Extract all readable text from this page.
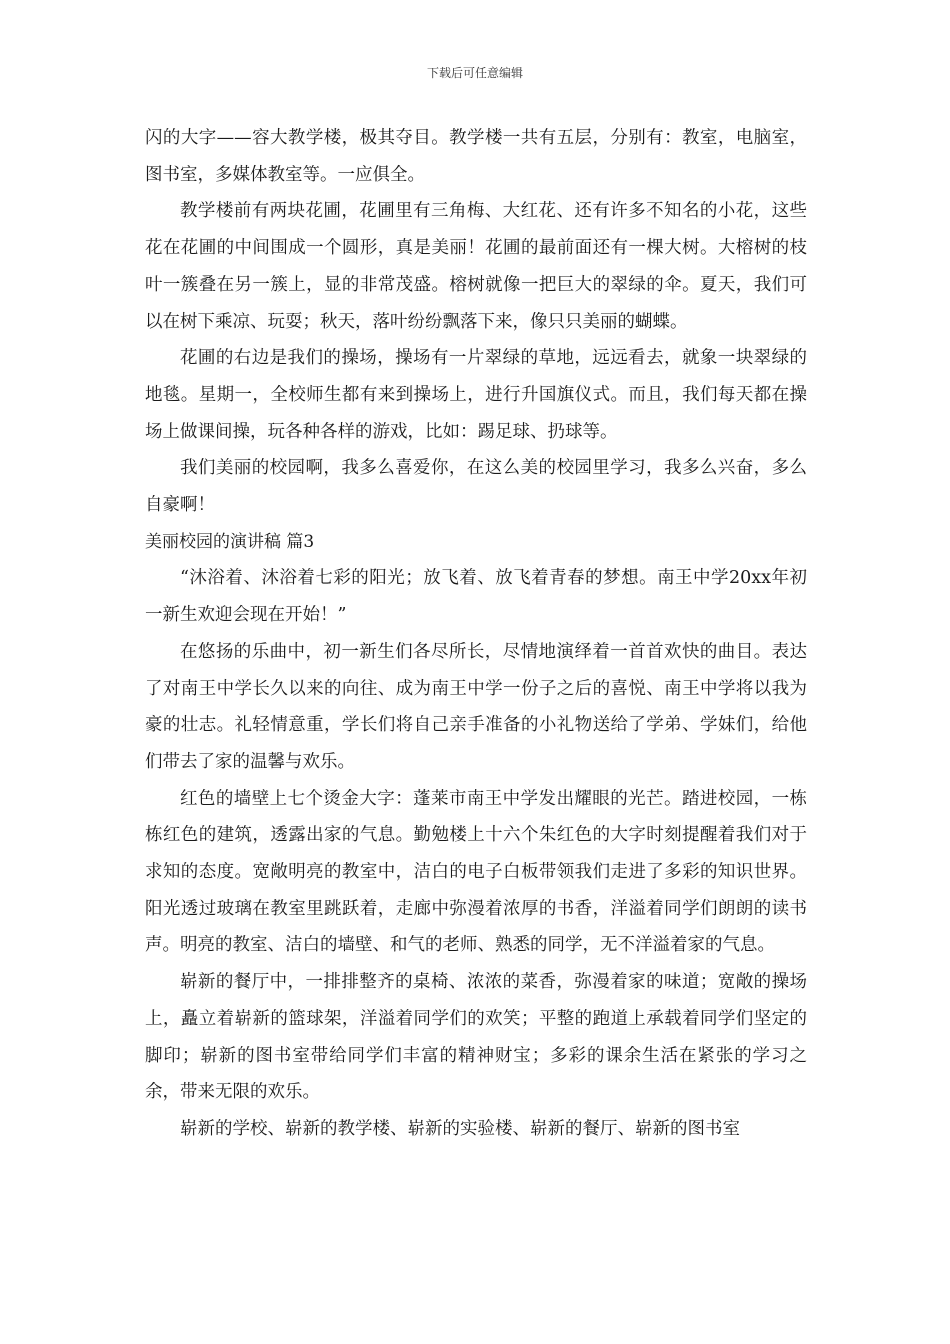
下载后可任意编辑

闪的大字——容大教学楼，极其夺目。教学楼一共有五层，分别有：教室，电脑室，图书室，多媒体教室等。一应俱全。

教学楼前有两块花圃，花圃里有三角梅、大红花、还有许多不知名的小花，这些花在花圃的中间围成一个圆形，真是美丽！花圃的最前面还有一棵大树。大榕树的枝叶一簇叠在另一簇上，显的非常茂盛。榕树就像一把巨大的翠绿的伞。夏天，我们可以在树下乘凉、玩耍；秋天，落叶纷纷飘落下来，像只只美丽的蝴蝶。

花圃的右边是我们的操场，操场有一片翠绿的草地，远远看去，就象一块翠绿的地毯。星期一，全校师生都有来到操场上，进行升国旗仪式。而且，我们每天都在操场上做课间操，玩各种各样的游戏，比如：踢足球、扔球等。

我们美丽的校园啊，我多么喜爱你，在这么美的校园里学习，我多么兴奋，多么自豪啊！

美丽校园的演讲稿 篇3

“沐浴着、沐浴着七彩的阳光；放飞着、放飞着青春的梦想。南王中学20xx年初一新生欢迎会现在开始！”

在悠扬的乐曲中，初一新生们各尽所长，尽情地演绎着一首首欢快的曲目。表达了对南王中学长久以来的向往、成为南王中学一份子之后的喜悦、南王中学将以我为豪的壮志。礼轻情意重，学长们将自己亲手准备的小礼物送给了学弟、学妹们，给他们带去了家的温馨与欢乐。

红色的墙壁上七个烫金大字：蓬莱市南王中学发出耀眼的光芒。踏进校园，一栋栋红色的建筑，透露出家的气息。勤勉楼上十六个朱红色的大字时刻提醒着我们对于求知的态度。宽敞明亮的教室中，洁白的电子白板带领我们走进了多彩的知识世界。阳光透过玻璃在教室里跳跃着，走廊中弥漫着浓厚的书香，洋溢着同学们朗朗的读书声。明亮的教室、洁白的墙壁、和气的老师、熟悉的同学，无不洋溢着家的气息。

崭新的餐厅中，一排排整齐的桌椅、浓浓的菜香，弥漫着家的味道；宽敞的操场上，矗立着崭新的篮球架，洋溢着同学们的欢笑；平整的跑道上承载着同学们坚定的脚印；崭新的图书室带给同学们丰富的精神财宝；多彩的课余生活在紧张的学习之余，带来无限的欢乐。

崭新的学校、崭新的教学楼、崭新的实验楼、崭新的餐厅、崭新的图书室
